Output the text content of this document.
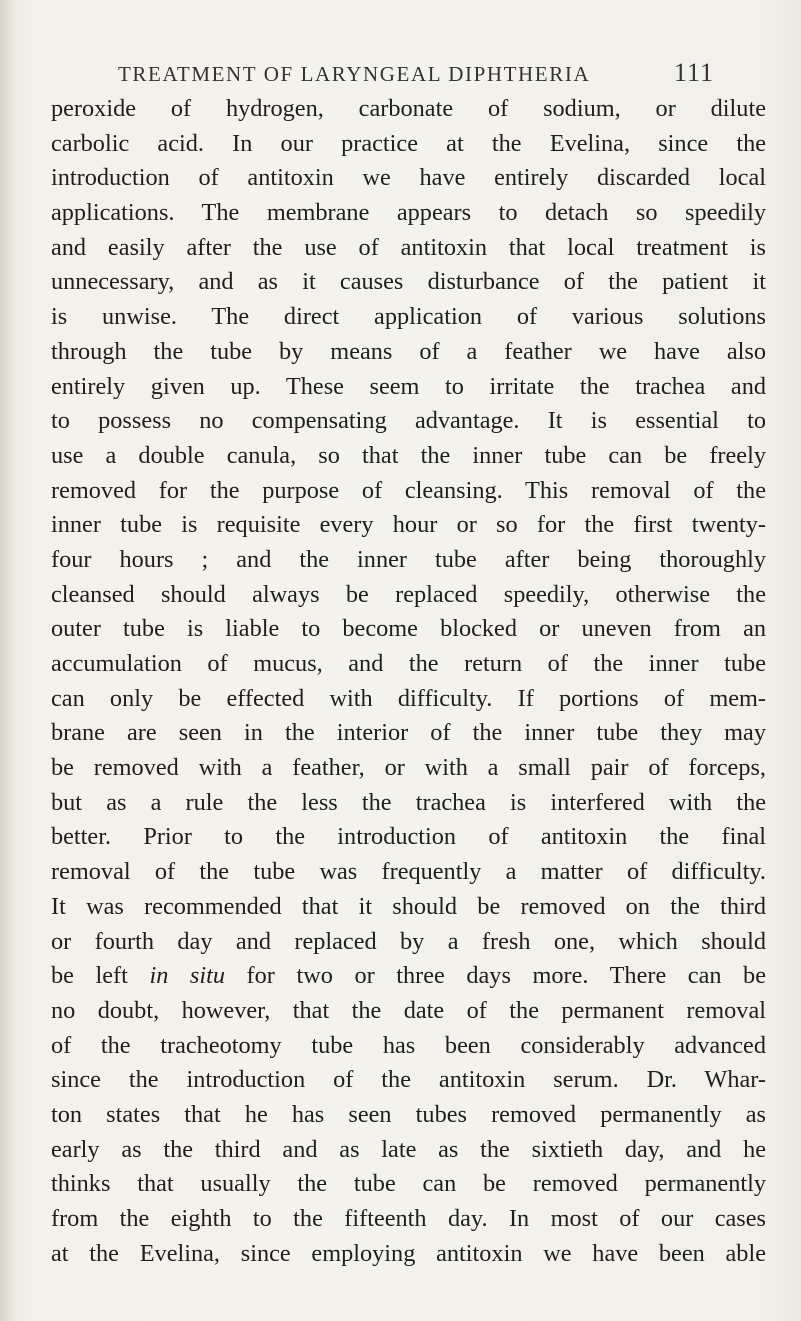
TREATMENT OF LARYNGEAL DIPHTHERIA	111
peroxide of hydrogen, carbonate of sodium, or dilute
carbolic acid. In our practice at the Evelina, since the
introduction of antitoxin we have entirely discarded local
applications. The membrane appears to detach so speedily
and easily after the use of antitoxin that local treatment is
unnecessary, and as it causes disturbance of the patient it
is unwise. The direct application of various solutions
through the tube by means of a feather we have also
entirely given up. These seem to irritate the trachea and
to possess no compensating advantage. It is essential to
use a double canula, so that the inner tube can be freely
removed for the purpose of cleansing. This removal of the
inner tube is requisite every hour or so for the first twenty-
four hours ; and the inner tube after being thoroughly
cleansed should always be replaced speedily, otherwise the
outer tube is liable to become blocked or uneven from an
accumulation of mucus, and the return of the inner tube
can only be effected with difficulty. If portions of mem-
brane are seen in the interior of the inner tube they may
be removed with a feather, or with a small pair of forceps,
but as a rule the less the trachea is interfered with the
better. Prior to the introduction of antitoxin the final
removal of the tube was frequently a matter of difficulty.
It was recommended that it should be removed on the third
or fourth day and replaced by a fresh one, which should
be left in situ for two or three days more. There can be
no doubt, however, that the date of the permanent removal
of the tracheotomy tube has been considerably advanced
since the introduction of the antitoxin serum. Dr. Whar-
ton states that he has seen tubes removed permanently as
early as the third and as late as the sixtieth day, and he
thinks that usually the tube can be removed permanently
from the eighth to the fifteenth day. In most of our cases
at the Evelina, since employing antitoxin we have been able
